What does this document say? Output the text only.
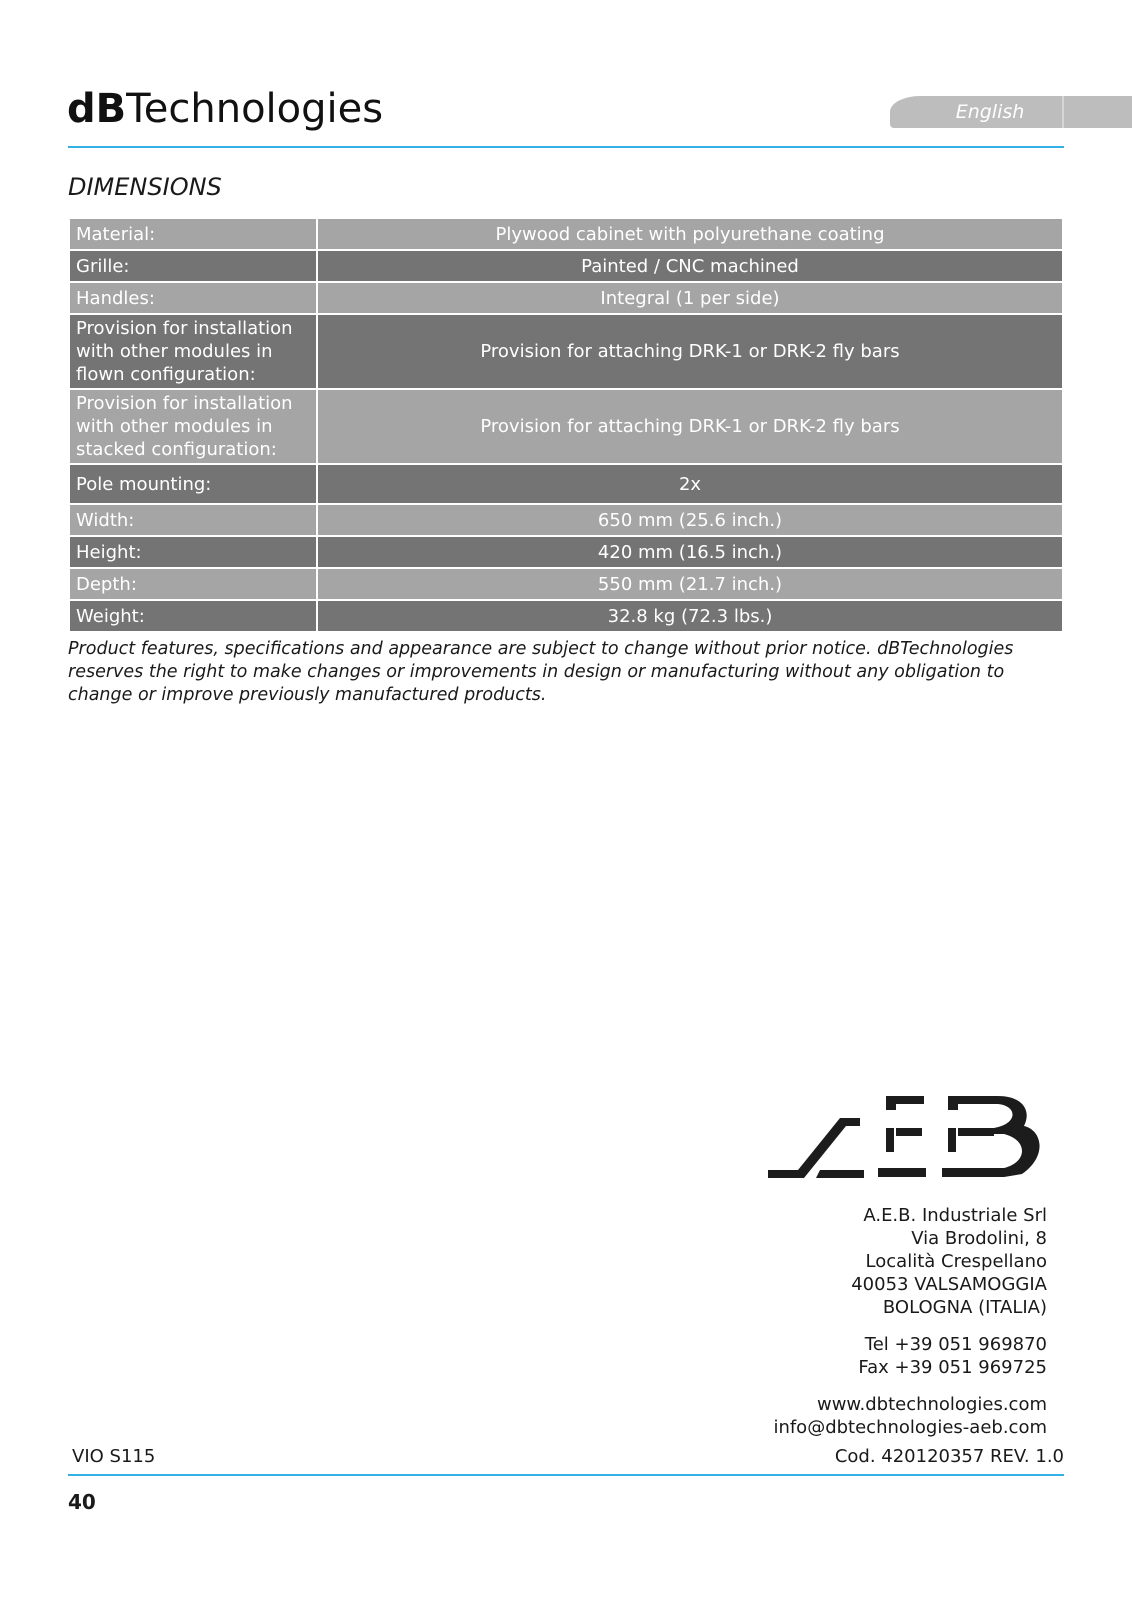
dBTechnologies	English
DIMENSIONS
Material:	Plywood cabinet with polyurethane coating
Grille:	Painted / CNC machined
Handles:	Integral (1 per side)
Provision for installation with other modules in flown configuration:	Provision for attaching DRK-1 or DRK-2 fly bars
Provision for installation with other modules in stacked configuration:	Provision for attaching DRK-1 or DRK-2 fly bars
Pole mounting:	2x
Width:	650 mm (25.6 inch.)
Height:	420 mm (16.5 inch.)
Depth:	550 mm (21.7 inch.)
Weight:	32.8 kg (72.3 lbs.)
Product features, specifications and appearance are subject to change without prior notice. dBTechnologies reserves the right to make changes or improvements in design or manufacturing without any obligation to change or improve previously manufactured products.
A.E.B. Industriale Srl
Via Brodolini, 8
Località Crespellano
40053 VALSAMOGGIA
BOLOGNA (ITALIA)
Tel +39 051 969870
Fax +39 051 969725
www.dbtechnologies.com
info@dbtechnologies-aeb.com
VIO S115	Cod. 420120357 REV. 1.0
40
